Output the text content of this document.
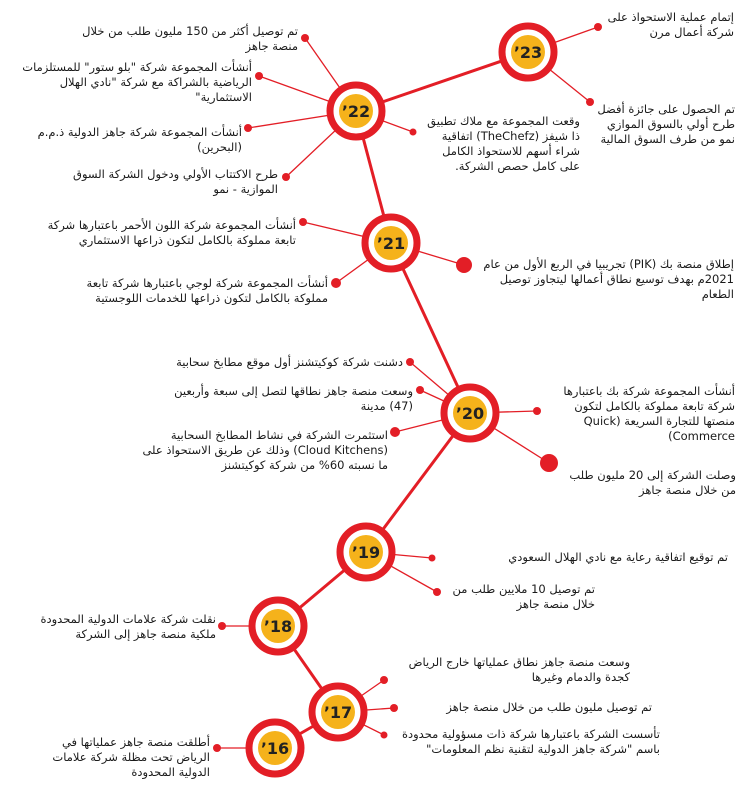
’23
’22
’21
’20
’19
’18
’17
’16
إتمام عملية الاستحواذ على شركة أعمال مرن
تم الحصول على جائزة أفضل طرح أولي بالسوق الموازي نمو من طرف السوق المالية
تم توصيل أكثر من 150 مليون طلب من خلال منصة جاهز
أنشأت المجموعة شركة "بلو ستور" للمستلزمات الرياضية بالشراكة مع شركة "نادي الهلال الاستثمارية"
أنشأت المجموعة شركة جاهز الدولية ذ.م.م (البحرين)
طرح الاكتتاب الأولي ودخول الشركة السوق الموازية - نمو
وقعت المجموعة مع ملاك تطبيق ذا شيفز (TheChefz) اتفاقية شراء أسهم للاستحواذ الكامل على كامل حصص الشركة.
أنشأت المجموعة شركة اللون الأحمر باعتبارها شركة تابعة مملوكة بالكامل لتكون ذراعها الاستثماري
أنشأت المجموعة شركة لوجي باعتبارها شركة تابعة مملوكة بالكامل لتكون ذراعها للخدمات اللوجستية
إطلاق منصة بك (PIK) تجريبيا في الربع الأول من عام 2021م بهدف توسيع نطاق أعمالها ليتجاوز توصيل الطعام
دشنت شركة كوكيتشنز أول موقع مطابخ سحابية
وسعت منصة جاهز نطاقها لتصل إلى سبعة وأربعين (47) مدينة
استثمرت الشركة في نشاط المطابخ السحابية (Cloud Kitchens) وذلك عن طريق الاستحواذ على ما نسبته 60% من شركة كوكيتشنز
أنشأت المجموعة شركة بك باعتبارها شركة تابعة مملوكة بالكامل لتكون منصتها للتجارة السريعة (Quick Commerce)
وصلت الشركة إلى 20 مليون طلب من خلال منصة جاهز
تم توقيع اتفاقية رعاية مع نادي الهلال السعودي
تم توصيل 10 ملايين طلب من خلال منصة جاهز
نقلت شركة علامات الدولية المحدودة ملكية منصة جاهز إلى الشركة
وسعت منصة جاهز نطاق عملياتها خارج الرياض كجدة والدمام وغيرها
تم توصيل مليون طلب من خلال منصة جاهز
تأسست الشركة باعتبارها شركة ذات مسؤولية محدودة باسم "شركة جاهز الدولية لتقنية نظم المعلومات"
أطلقت منصة جاهز عملياتها في الرياض تحت مظلة شركة علامات الدولية المحدودة
